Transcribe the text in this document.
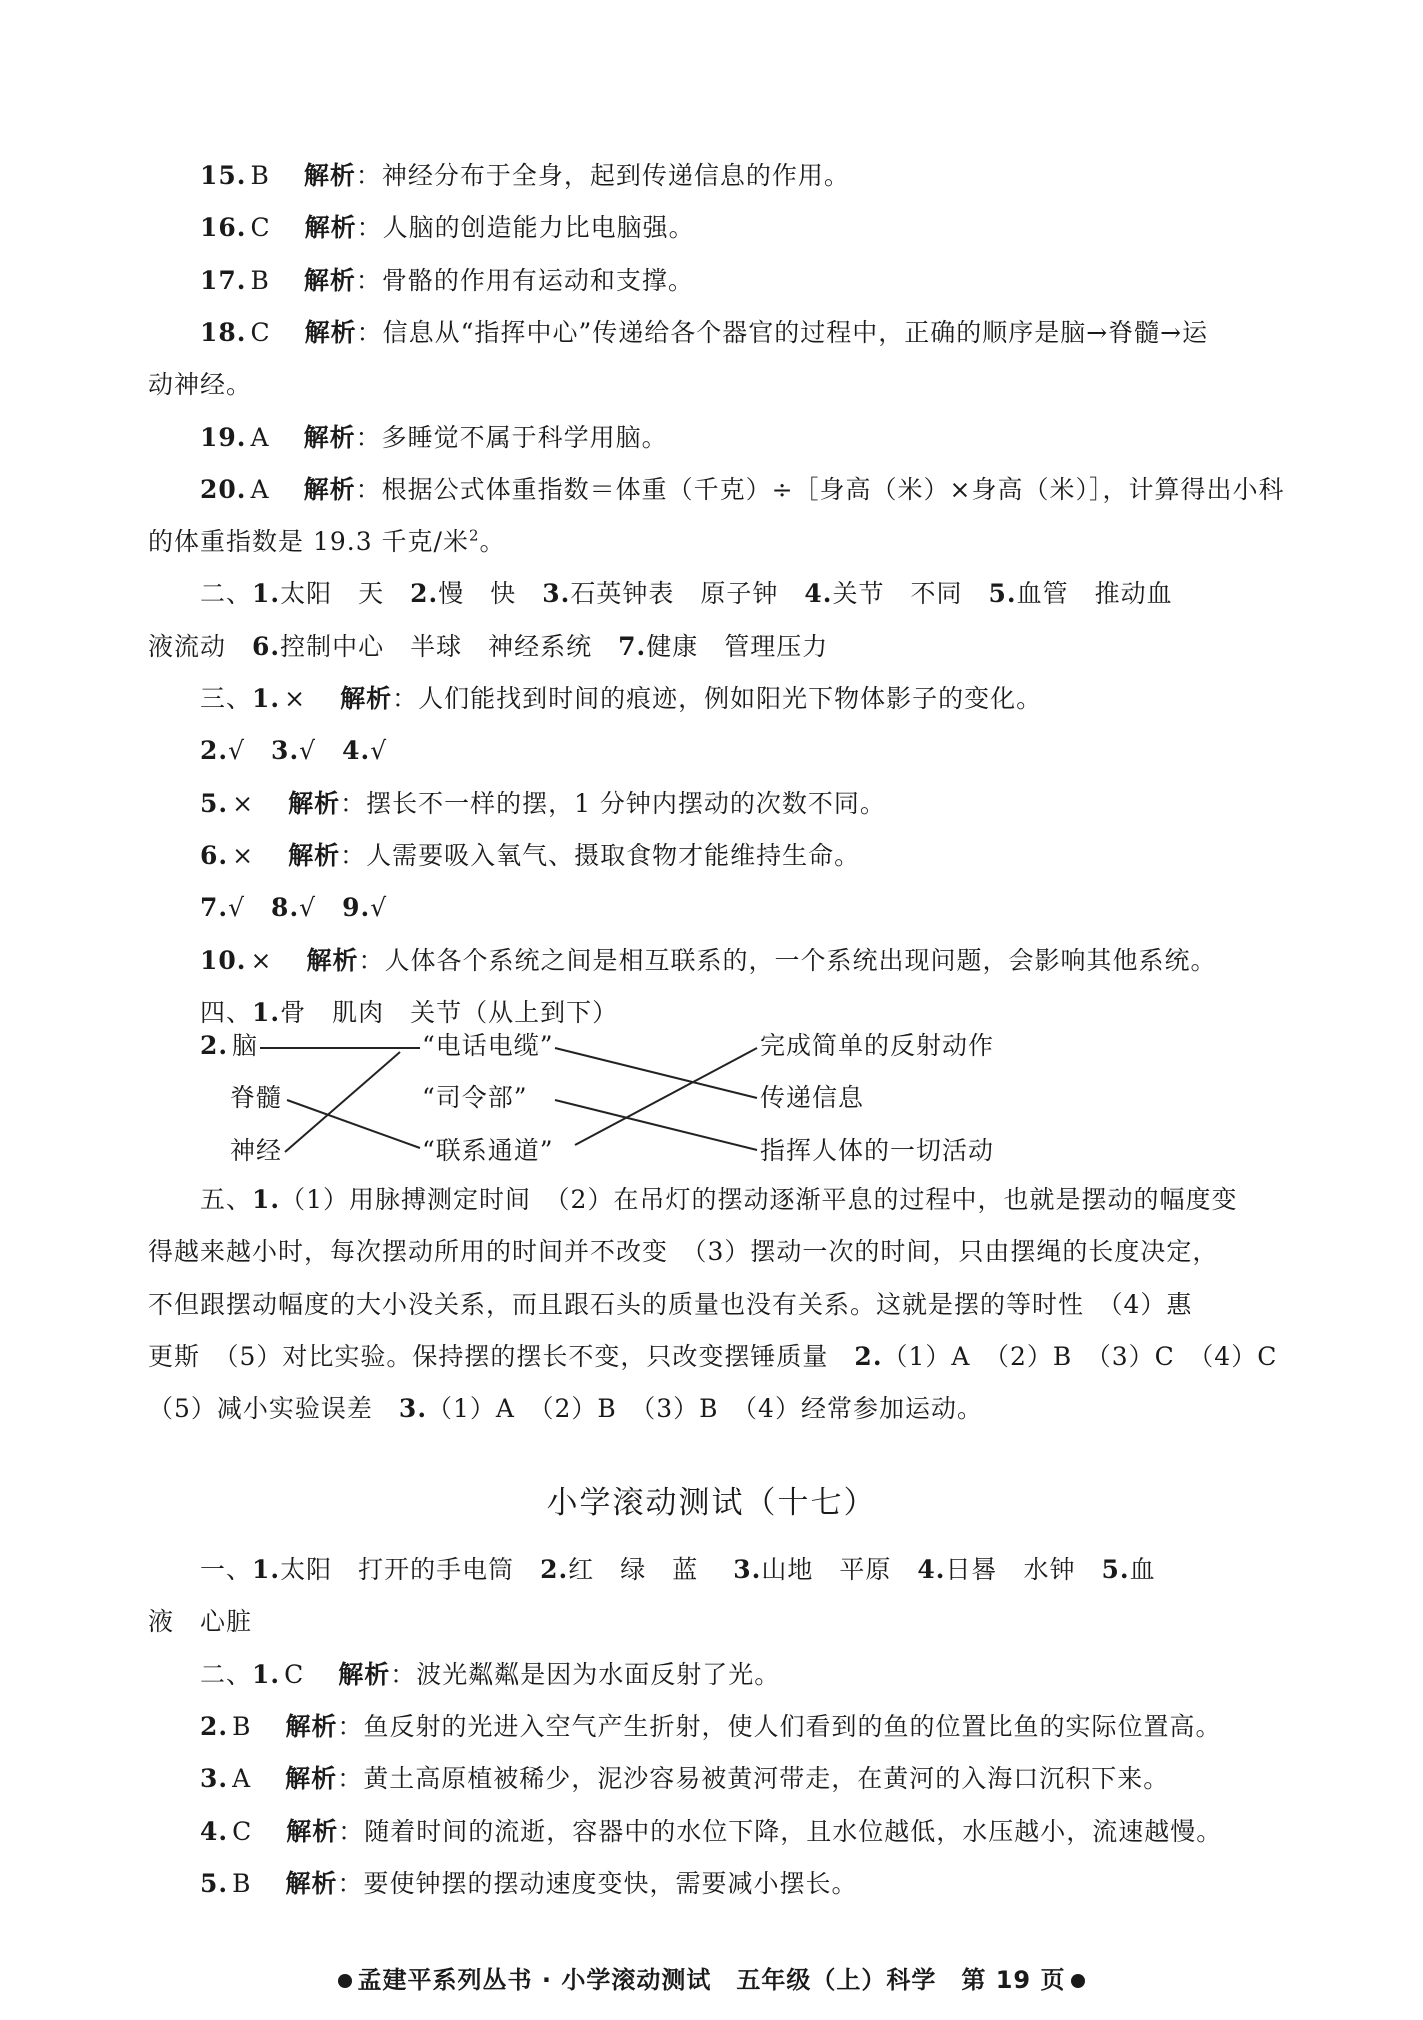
15. B 解析：神经分布于全身，起到传递信息的作用。
16. C 解析：人脑的创造能力比电脑强。
17. B 解析：骨骼的作用有运动和支撑。
18. C 解析：信息从“指挥中心”传递给各个器官的过程中，正确的顺序是脑→脊髓→运
动神经。
19. A 解析：多睡觉不属于科学用脑。
20. A 解析：根据公式体重指数＝体重（千克）÷［身高（米）×身高（米）］，计算得出小科
的体重指数是 19.3 千克/米$^2$。
二、1.太阳　天　2.慢　快　3.石英钟表　原子钟　4.关节　不同　5.血管　推动血
液流动　6.控制中心　半球　神经系统　7.健康　管理压力
三、1. × 解析：人们能找到时间的痕迹，例如阳光下物体影子的变化。
2.√　3.√　4.√
5. × 解析：摆长不一样的摆，1 分钟内摆动的次数不同。
6. × 解析：人需要吸入氧气、摄取食物才能维持生命。
7.√　8.√　9.√
10. × 解析：人体各个系统之间是相互联系的，一个系统出现问题，会影响其他系统。
四、1.骨　肌肉　关节（从上到下）
2. 脑
脊髓
神经
“电话电缆”
“司令部”
“联系通道”
完成简单的反射动作
传递信息
指挥人体的一切活动
五、1.（1）用脉搏测定时间　（2）在吊灯的摆动逐渐平息的过程中，也就是摆动的幅度变
得越来越小时，每次摆动所用的时间并不改变　（3）摆动一次的时间，只由摆绳的长度决定，
不但跟摆动幅度的大小没关系，而且跟石头的质量也没有关系。这就是摆的等时性　（4）惠
更斯　（5）对比实验。保持摆的摆长不变，只改变摆锤质量　2.（1）A　（2）B　（3）C　（4）C
（5）减小实验误差　3.（1）A　（2）B　（3）B　（4）经常参加运动。
小学滚动测试（十七）
一、1.太阳　打开的手电筒　2.红　绿　蓝　 3.山地　平原　4.日晷　水钟　5.血
液　心脏
二、1. C 解析：波光粼粼是因为水面反射了光。
2. B 解析：鱼反射的光进入空气产生折射，使人们看到的鱼的位置比鱼的实际位置高。
3. A 解析：黄土高原植被稀少，泥沙容易被黄河带走，在黄河的入海口沉积下来。
4. C 解析：随着时间的流逝，容器中的水位下降，且水位越低，水压越小，流速越慢。
5. B 解析：要使钟摆的摆动速度变快，需要减小摆长。
孟建平系列丛书 · 小学滚动测试　五年级（上）科学　第 19 页
